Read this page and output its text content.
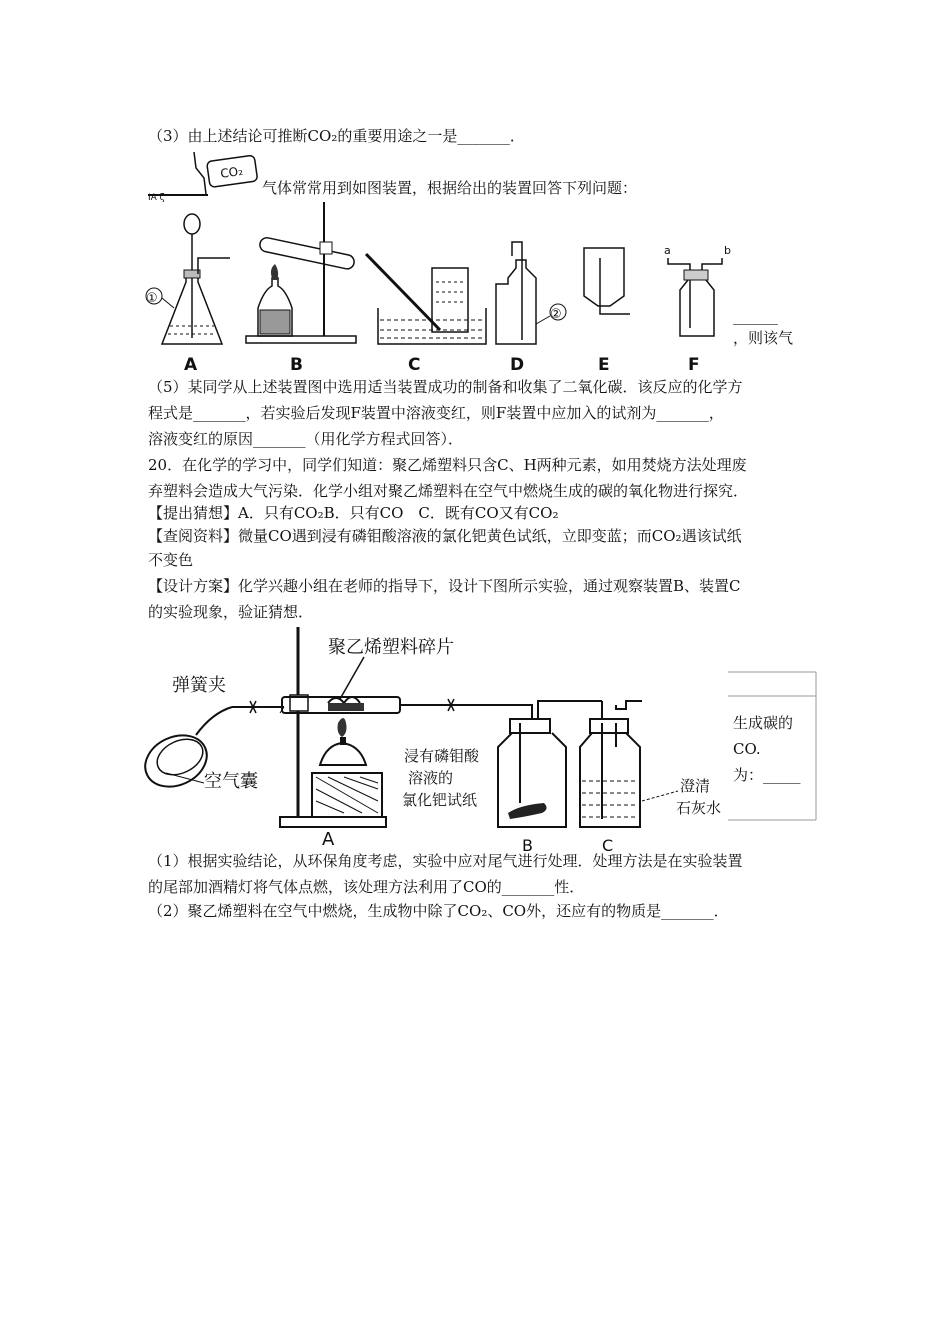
（3）由上述结论可推断CO₂的重要用途之一是_______．
IA ζ
CO₂
气体常常用到如图装置，根据给出的装置回答下列问题：
①
A	B	C
②
D	E
a	b
F
______
，则该气
（5）某同学从上述装置图中选用适当装置成功的制备和收集了二氧化碳．该反应的化学方
程式是_______，若实验后发现F装置中溶液变红，则F装置中应加入的试剂为_______，
溶液变红的原因_______（用化学方程式回答）．
20．在化学的学习中，同学们知道：聚乙烯塑料只含C、H两种元素，如用焚烧方法处理废
弃塑料会造成大气污染．化学小组对聚乙烯塑料在空气中燃烧生成的碳的氧化物进行探究．
【提出猜想】A．只有CO₂B．只有CO　C．既有CO又有CO₂
【查阅资料】微量CO遇到浸有磷钼酸溶液的氯化钯黄色试纸，立即变蓝；而CO₂遇该试纸
不变色
【设计方案】化学兴趣小组在老师的指导下，设计下图所示实验，通过观察装置B、装置C
的实验现象，验证猜想．
生成碳的
CO.
为：_____
聚乙烯塑料碎片
弹簧夹
空气囊
A
浸有磷钼酸
溶液的
氯化钯试纸
B
澄清
石灰水
C
（1）根据实验结论，从环保角度考虑，实验中应对尾气进行处理．处理方法是在实验装置
的尾部加酒精灯将气体点燃，该处理方法利用了CO的_______性．
（2）聚乙烯塑料在空气中燃烧，生成物中除了CO₂、CO外，还应有的物质是_______．
